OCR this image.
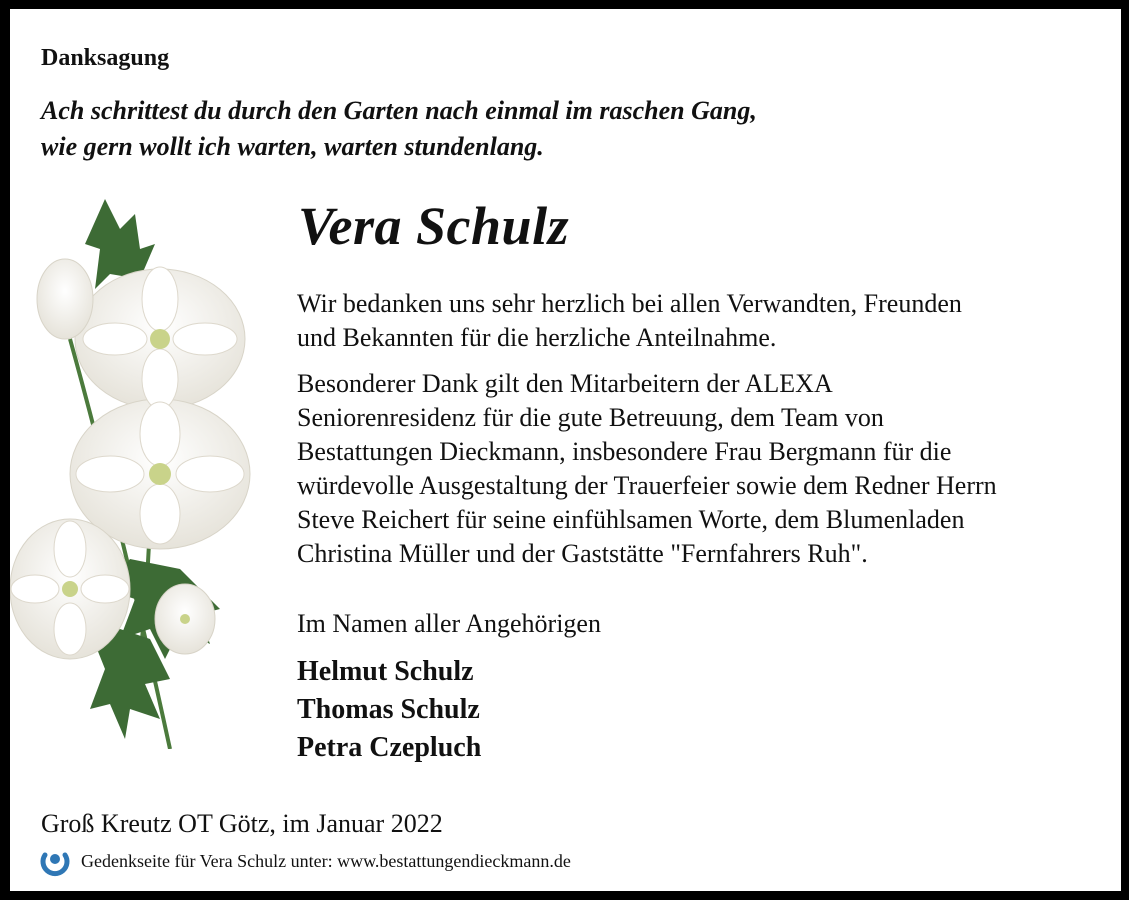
Danksagung
Ach schrittest du durch den Garten nach einmal im raschen Gang,
wie gern wollt ich warten, warten stundenlang.
Vera Schulz
Wir bedanken uns sehr herzlich bei allen Verwandten, Freunden
und Bekannten für die herzliche Anteilnahme.
Besonderer Dank gilt den Mitarbeitern der ALEXA
Seniorenresidenz für die gute Betreuung, dem Team von
Bestattungen Dieckmann, insbesondere Frau Bergmann für die
würdevolle Ausgestaltung der Trauerfeier sowie dem Redner Herrn
Steve Reichert für seine einfühlsamen Worte, dem Blumenladen
Christina Müller und der Gaststätte "Fernfahrers Ruh".
Im Namen aller Angehörigen
Helmut Schulz
Thomas Schulz
Petra Czepluch
Groß Kreutz OT Götz, im Januar 2022
Gedenkseite für Vera Schulz unter: www.bestattungendieckmann.de
